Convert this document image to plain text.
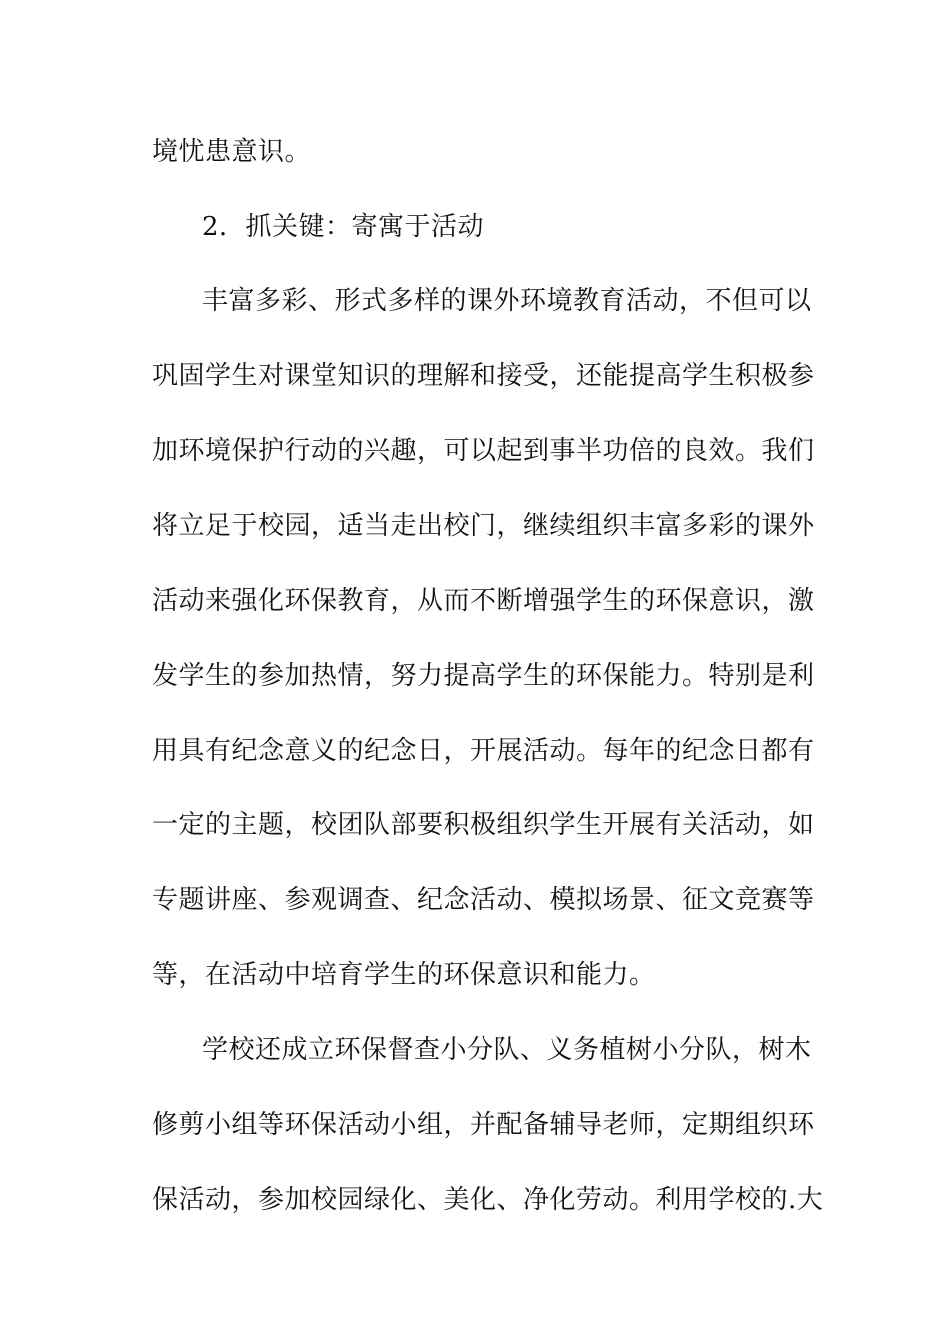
境忧患意识。
2．抓关键：寄寓于活动
丰富多彩、形式多样的课外环境教育活动，不但可以
巩固学生对课堂知识的理解和接受，还能提高学生积极参
加环境保护行动的兴趣，可以起到事半功倍的良效。我们
将立足于校园，适当走出校门，继续组织丰富多彩的课外
活动来强化环保教育，从而不断增强学生的环保意识，激
发学生的参加热情，努力提高学生的环保能力。特别是利
用具有纪念意义的纪念日，开展活动。每年的纪念日都有
一定的主题，校团队部要积极组织学生开展有关活动，如
专题讲座、参观调查、纪念活动、模拟场景、征文竞赛等
等，在活动中培育学生的环保意识和能力。
学校还成立环保督查小分队、义务植树小分队，树木
修剪小组等环保活动小组，并配备辅导老师，定期组织环
保活动，参加校园绿化、美化、净化劳动。利用学校的.大
